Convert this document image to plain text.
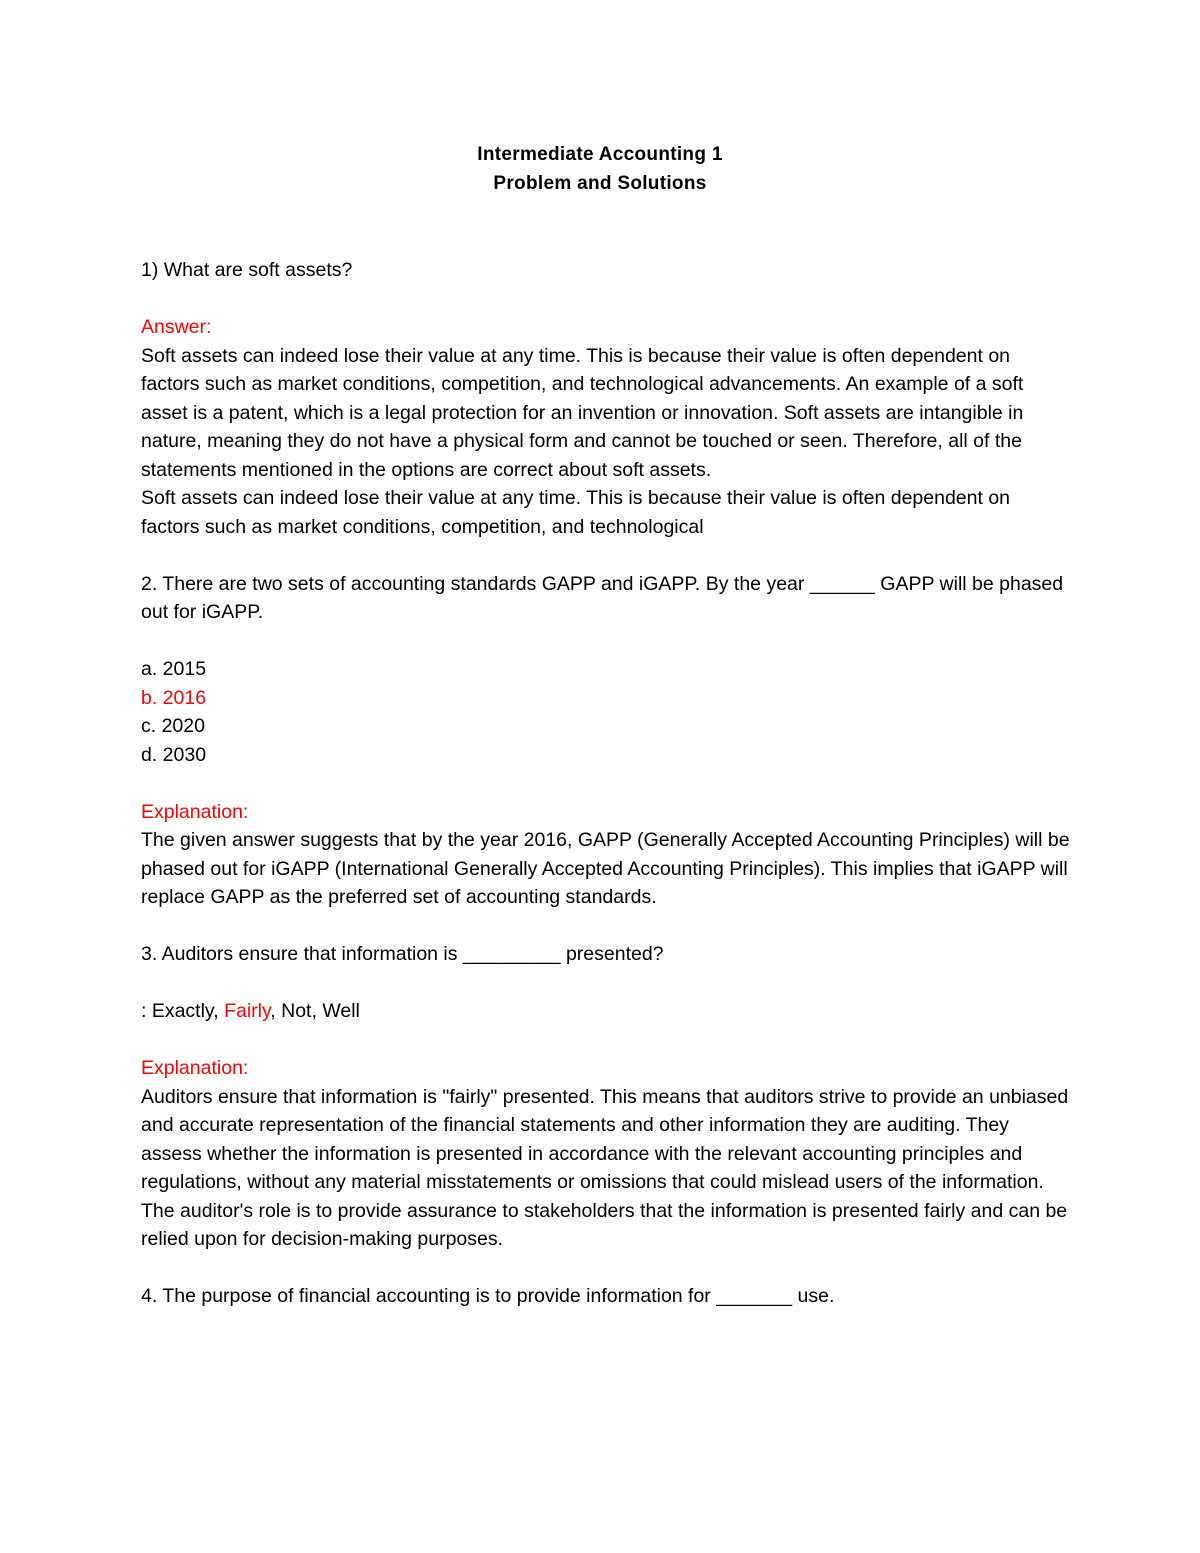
Intermediate Accounting 1
Problem and Solutions

1) What are soft assets?

Answer:

Soft assets can indeed lose their value at any time. This is because their value is often dependent on factors such as market conditions, competition, and technological advancements. An example of a soft asset is a patent, which is a legal protection for an invention or innovation. Soft assets are intangible in nature, meaning they do not have a physical form and cannot be touched or seen. Therefore, all of the statements mentioned in the options are correct about soft assets.

Soft assets can indeed lose their value at any time. This is because their value is often dependent on factors such as market conditions, competition, and technological

2. There are two sets of accounting standards GAPP and iGAPP. By the year ______ GAPP will be phased out for iGAPP.

a. 2015

b. 2016

c. 2020

d. 2030

Explanation:

The given answer suggests that by the year 2016, GAPP (Generally Accepted Accounting Principles) will be phased out for iGAPP (International Generally Accepted Accounting Principles). This implies that iGAPP will replace GAPP as the preferred set of accounting standards.

3. Auditors ensure that information is _________ presented?

: Exactly, Fairly, Not, Well

Explanation:

Auditors ensure that information is "fairly" presented. This means that auditors strive to provide an unbiased and accurate representation of the financial statements and other information they are auditing. They assess whether the information is presented in accordance with the relevant accounting principles and regulations, without any material misstatements or omissions that could mislead users of the information. The auditor's role is to provide assurance to stakeholders that the information is presented fairly and can be relied upon for decision-making purposes.

4. The purpose of financial accounting is to provide information for _______ use.
